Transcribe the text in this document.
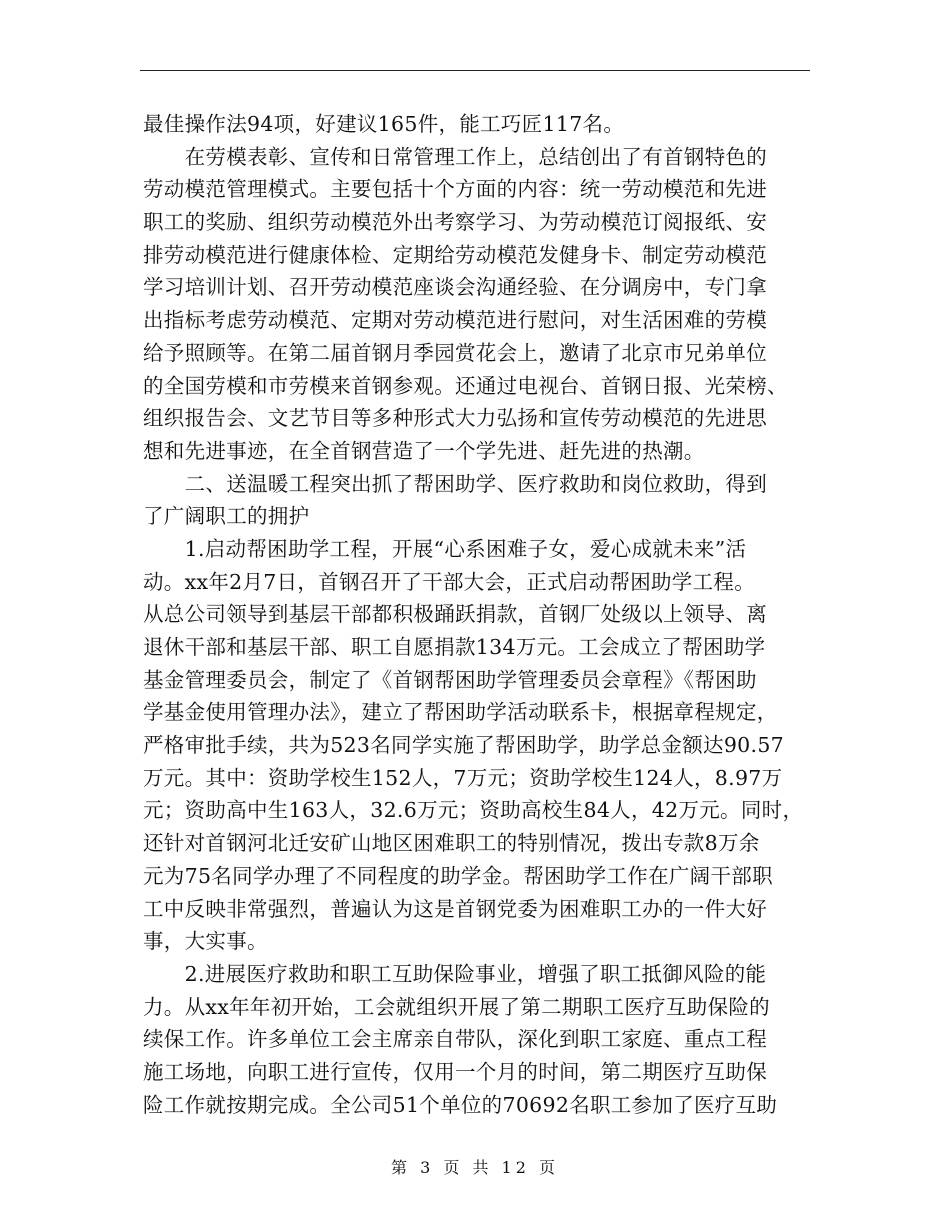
最佳操作法94项，好建议165件，能工巧匠117名。
　　在劳模表彰、宣传和日常管理工作上，总结创出了有首钢特色的
劳动模范管理模式。主要包括十个方面的内容：统一劳动模范和先进
职工的奖励、组织劳动模范外出考察学习、为劳动模范订阅报纸、安
排劳动模范进行健康体检、定期给劳动模范发健身卡、制定劳动模范
学习培训计划、召开劳动模范座谈会沟通经验、在分调房中，专门拿
出指标考虑劳动模范、定期对劳动模范进行慰问，对生活困难的劳模
给予照顾等。在第二届首钢月季园赏花会上，邀请了北京市兄弟单位
的全国劳模和市劳模来首钢参观。还通过电视台、首钢日报、光荣榜、
组织报告会、文艺节目等多种形式大力弘扬和宣传劳动模范的先进思
想和先进事迹，在全首钢营造了一个学先进、赶先进的热潮。
　　二、送温暖工程突出抓了帮困助学、医疗救助和岗位救助，得到
了广阔职工的拥护
　　1.启动帮困助学工程，开展“心系困难子女，爱心成就未来”活
动。xx年2月7日，首钢召开了干部大会，正式启动帮困助学工程。
从总公司领导到基层干部都积极踊跃捐款，首钢厂处级以上领导、离
退休干部和基层干部、职工自愿捐款134万元。工会成立了帮困助学
基金管理委员会，制定了《首钢帮困助学管理委员会章程》《帮困助
学基金使用管理办法》，建立了帮困助学活动联系卡，根据章程规定，
严格审批手续，共为523名同学实施了帮困助学，助学总金额达90.57
万元。其中：资助学校生152人，7万元；资助学校生124人，8.97万
元；资助高中生163人，32.6万元；资助高校生84人，42万元。同时，
还针对首钢河北迁安矿山地区困难职工的特别情况，拨出专款8万余
元为75名同学办理了不同程度的助学金。帮困助学工作在广阔干部职
工中反映非常强烈，普遍认为这是首钢党委为困难职工办的一件大好
事，大实事。
　　2.进展医疗救助和职工互助保险事业，增强了职工抵御风险的能
力。从xx年年初开始，工会就组织开展了第二期职工医疗互助保险的
续保工作。许多单位工会主席亲自带队，深化到职工家庭、重点工程
施工场地，向职工进行宣传，仅用一个月的时间，第二期医疗互助保
险工作就按期完成。全公司51个单位的70692名职工参加了医疗互助
第 3 页 共 12 页
